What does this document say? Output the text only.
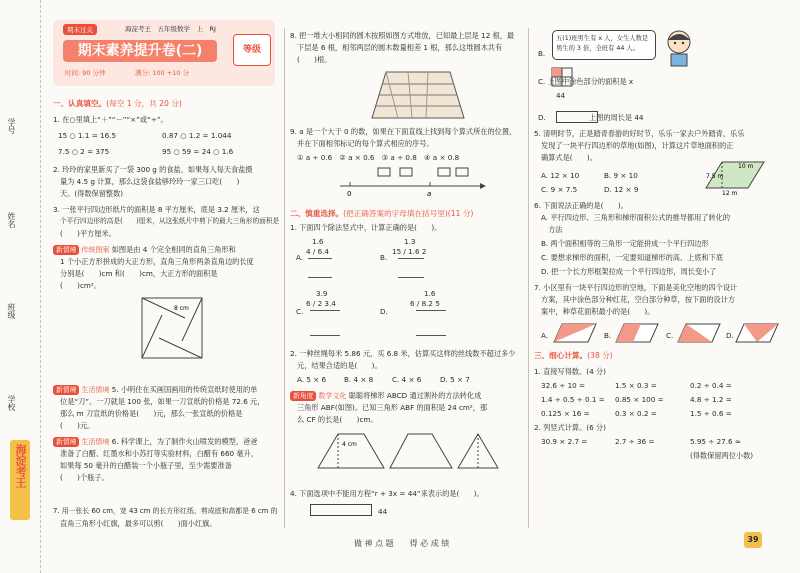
学号
姓名
班级
学校
海淀考王
期末过关	海淀考王　五年级数学　上　RJ
期末素养提升卷(二)
时间: 90 分钟	满分: 100 +10 分
等级
一、认真填空。(每空 1 分，共 20 分)
1. 在○里填上“＋”“－”“×”或“÷”。
15 ○ 1.1 = 16.5	0.87 ○ 1.2 = 1.044
7.5 ○ 2 = 375	95 ○ 59 = 24 ○ 1.6
2. 玲玲的家里新买了一袋 300 g 的食盐，如果每人每天食盐摄
量为 4.5 g 计算，那么这袋食盐够玲玲一家三口吃(　　)
天。(得数保留整数)
3. 一张平行四边形纸片的面积是 8 平方厘米，底是 3.2 厘米，这
个平行四边形的高是(　　)厘米，从这张纸片中剪下的最大三角形的面积是
(　　)平方厘米。
新情境 传统图案 如图是由 4 个完全相同的直角三角形和
1 个小正方形拼成的大正方形，直角三角形两条直角边的长度
分别是(　　)cm 和(　　)cm，大正方形的面积是
(　　)cm²。
8 cm
新情境 生活情境 5. 小明住在买画国画用的传统宣纸时使用的单
位是“刀”。一刀就是 100 张，如果一刀宣纸的价格是 72.6 元，
那么 m 刀宣纸的价格是(　　)元，那么一张宣纸的价格是
(　　)元。
新情境 生活情境 6. 科学课上，为了制作火山喷发的模型，爸爸
准备了白醋、红墨水和小苏打等实验材料，白醋有 660 毫升，
如果每 50 毫升的白醋装一个小瓶子里，至少需要准备
(　　)个瓶子。
7. 用一张长 60 cm，宽 43 cm 的长方形红纸，剪成底和高都是 6 cm 的
直角三角形小红旗，最多可以剪(　　)面小红旗。
8. 把一堆大小相同的圆木按照如图方式堆放，已知最上层是 12 根，最
下层是 6 根，相邻两层的圆木数量相差 1 根，那么这堆圆木共有
(　　)根。
9. a 是一个大于 0 的数，如果在下面直线上找到每个算式所在的位置，
并在下面相邻标记的每个算式相应的序号。
① a ÷ 0.6　② a × 0.6　③ a ÷ 0.8　④ a × 0.8
0	a
二、慎重选择。(把正确答案的字母填在括号里)(11 分)
1. 下面四个除法竖式中，计算正确的是(　　)。
A.
1.6
4 / 6.4
B.
1.3
15 / 1.6 2
C.
3.9
6 / 2 3.4
D.
1.6
6 / 8.2 5
2. 一种丝绳每米 5.86 元，买 6.8 米，估算买这样的丝线数不超过多少
元，结果合适的是(　　)。
A. 5 × 6 B. 4 × 8	C. 4 × 6	D. 5 × 7
新角度 数学文化 聪聪将梯形 ABCD 通过割补的方法转化成
三角形 ABF(如图)。已知三角形 ABF 的面积是 24 cm²，那
么 CF 的长是(　　)cm。
4 cm
4. 下面选项中不能用方程“r + 3x = 44”来表示的是(　　)。
44
五(1)班男生有 x 人，女生人数是男生的 3 倍，全班有 44 人。
B.
C. 上图中涂色部分的面积是 x
44
D.　　　　　　上图的周长是 44
5. 清明时节，正是踏青春游的好时节，乐乐一家去户外踏青，乐乐
发现了一块平行四边形的草地(如图)，计算这片草地面积的正
确算式是(　　)。
A. 12 × 10	B. 9 × 10
C. 9 × 7.5	D. 12 × 9
10 m
7.5 m
12 m
6. 下面说法正确的是(　　)。
A. 平行四边形、三角形和梯形面积公式的推导都用了转化的
　方法
B. 两个面积相等的三角形一定能拼成一个平行四边形
C. 要想求梯形的面积，一定要知道梯形的高、上底和下底
D. 把一个长方形框架拉成一个平行四边形，周长变小了
7. 小区里有一块平行四边形的空地，下面是美化空地的四个设计
方案，其中涂色部分种红花，空白部分种草，按下面的设计方
案中，种草花面积最小的是(　　)。
A.	B.	C.	D.
三、细心计算。(38 分)
1. 直接写得数。(4 分)
32.6 ÷ 10 =	1.5 × 0.3 =	0.2 ÷ 0.4 =
1.4 ÷ 0.5 ÷ 0.1 = 0.85 × 100 =	4.8 ÷ 1.2 =
0.125 × 16 =	0.3 × 0.2 =	1.5 ÷ 0.6 =
2. 列竖式计算。(6 分)
30.9 × 2.7 =	2.7 ÷ 36 =	5.95 ÷ 27.6 ≈
(得数保留两位小数)
做 神 点 题　　得 必 成 绩	39
